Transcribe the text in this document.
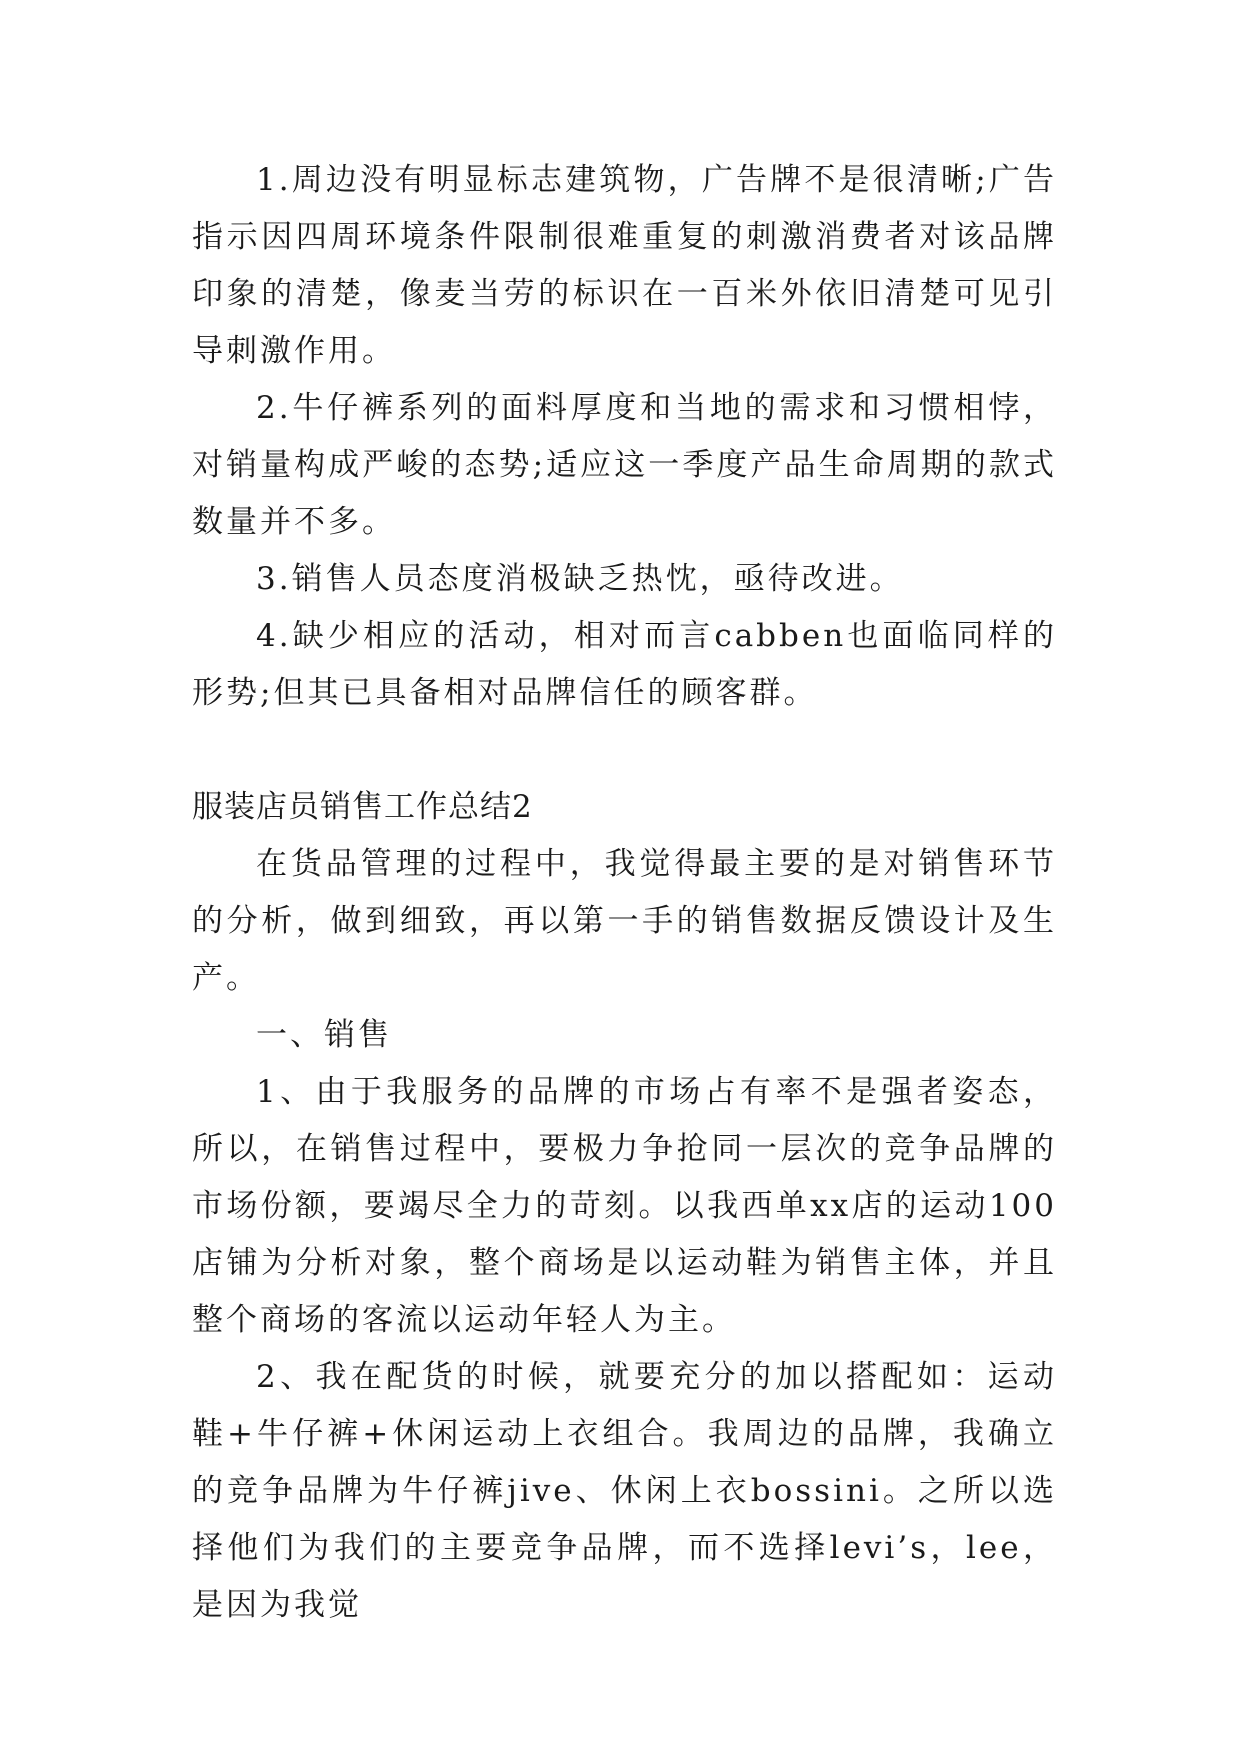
1.周边没有明显标志建筑物，广告牌不是很清晰;广告指示因四周环境条件限制很难重复的刺激消费者对该品牌印象的清楚，像麦当劳的标识在一百米外依旧清楚可见引导刺激作用。

2.牛仔裤系列的面料厚度和当地的需求和习惯相悖，对销量构成严峻的态势;适应这一季度产品生命周期的款式数量并不多。

3.销售人员态度消极缺乏热忱，亟待改进。

4.缺少相应的活动，相对而言cabben也面临同样的形势;但其已具备相对品牌信任的顾客群。

服装店员销售工作总结2

在货品管理的过程中，我觉得最主要的是对销售环节的分析，做到细致，再以第一手的销售数据反馈设计及生产。

一、销售

1、由于我服务的品牌的市场占有率不是强者姿态，所以，在销售过程中，要极力争抢同一层次的竞争品牌的市场份额，要竭尽全力的苛刻。以我西单xx店的运动100店铺为分析对象，整个商场是以运动鞋为销售主体，并且整个商场的客流以运动年轻人为主。

2、我在配货的时候，就要充分的加以搭配如：运动鞋+牛仔裤+休闲运动上衣组合。我周边的品牌，我确立的竞争品牌为牛仔裤jive、休闲上衣bossini。之所以选择他们为我们的主要竞争品牌，而不选择levi’s，lee，是因为我觉
